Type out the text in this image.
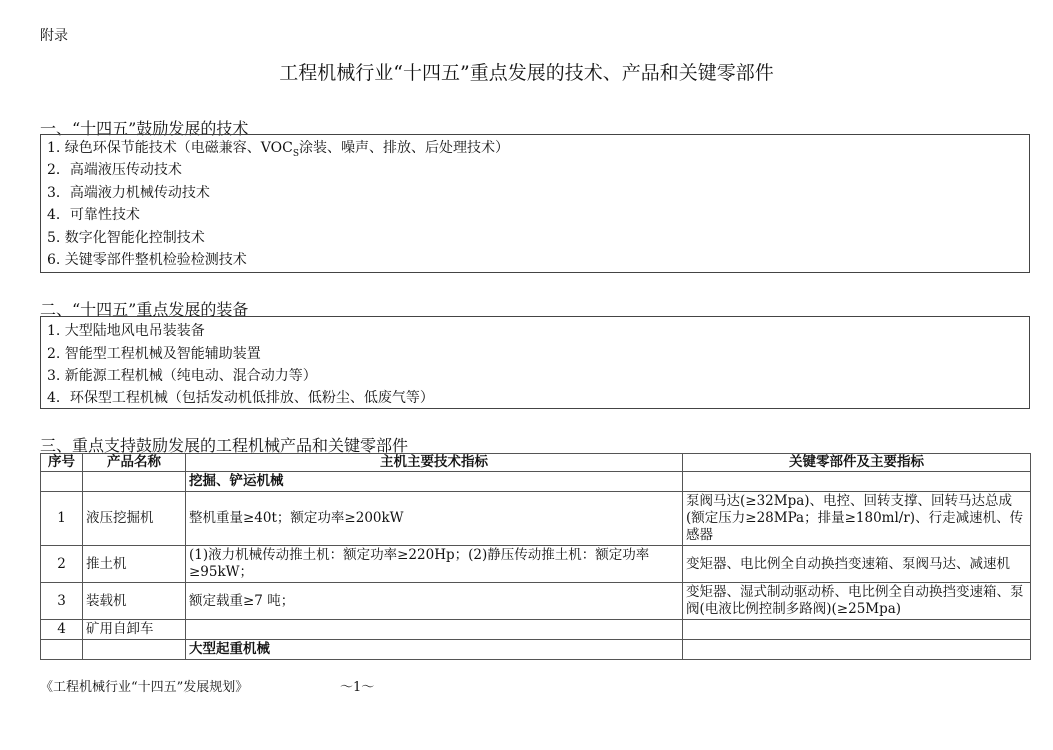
附录
工程机械行业“十四五”重点发展的技术、产品和关键零部件
一、“十四五”鼓励发展的技术
1. 绿色环保节能技术（电磁兼容、$VOC_S$涂装、噪声、排放、后处理技术）
2．高端液压传动技术
3．高端液力机械传动技术
4．可靠性技术
5. 数字化智能化控制技术
6. 关键零部件整机检验检测技术
二、“十四五”重点发展的装备
1. 大型陆地风电吊装装备
2. 智能型工程机械及智能辅助装置
3. 新能源工程机械（纯电动、混合动力等）
4．环保型工程机械（包括发动机低排放、低粉尘、低废气等）
三、重点支持鼓励发展的工程机械产品和关键零部件
序号	产品名称	主机主要技术指标	关键零部件及主要指标
		挖掘、铲运机械	
1	液压挖掘机	整机重量≥40t；额定功率≥200kW	泵阀马达(≥32Mpa)、电控、回转支撑、回转马达总成(额定压力≥28MPa；排量≥180ml/r)、行走减速机、传感器
2	推土机	(1)液力机械传动推土机：额定功率≥220Hp；(2)静压传动推土机：额定功率≥95kW；	变矩器、电比例全自动换挡变速箱、泵阀马达、减速机
3	装载机	额定载重≥7 吨；	变矩器、湿式制动驱动桥、电比例全自动换挡变速箱、泵阀(电液比例控制多路阀)(≥25Mpa)
4	矿用自卸车		
		大型起重机械	
《工程机械行业“十四五”发展规划》	～1～
